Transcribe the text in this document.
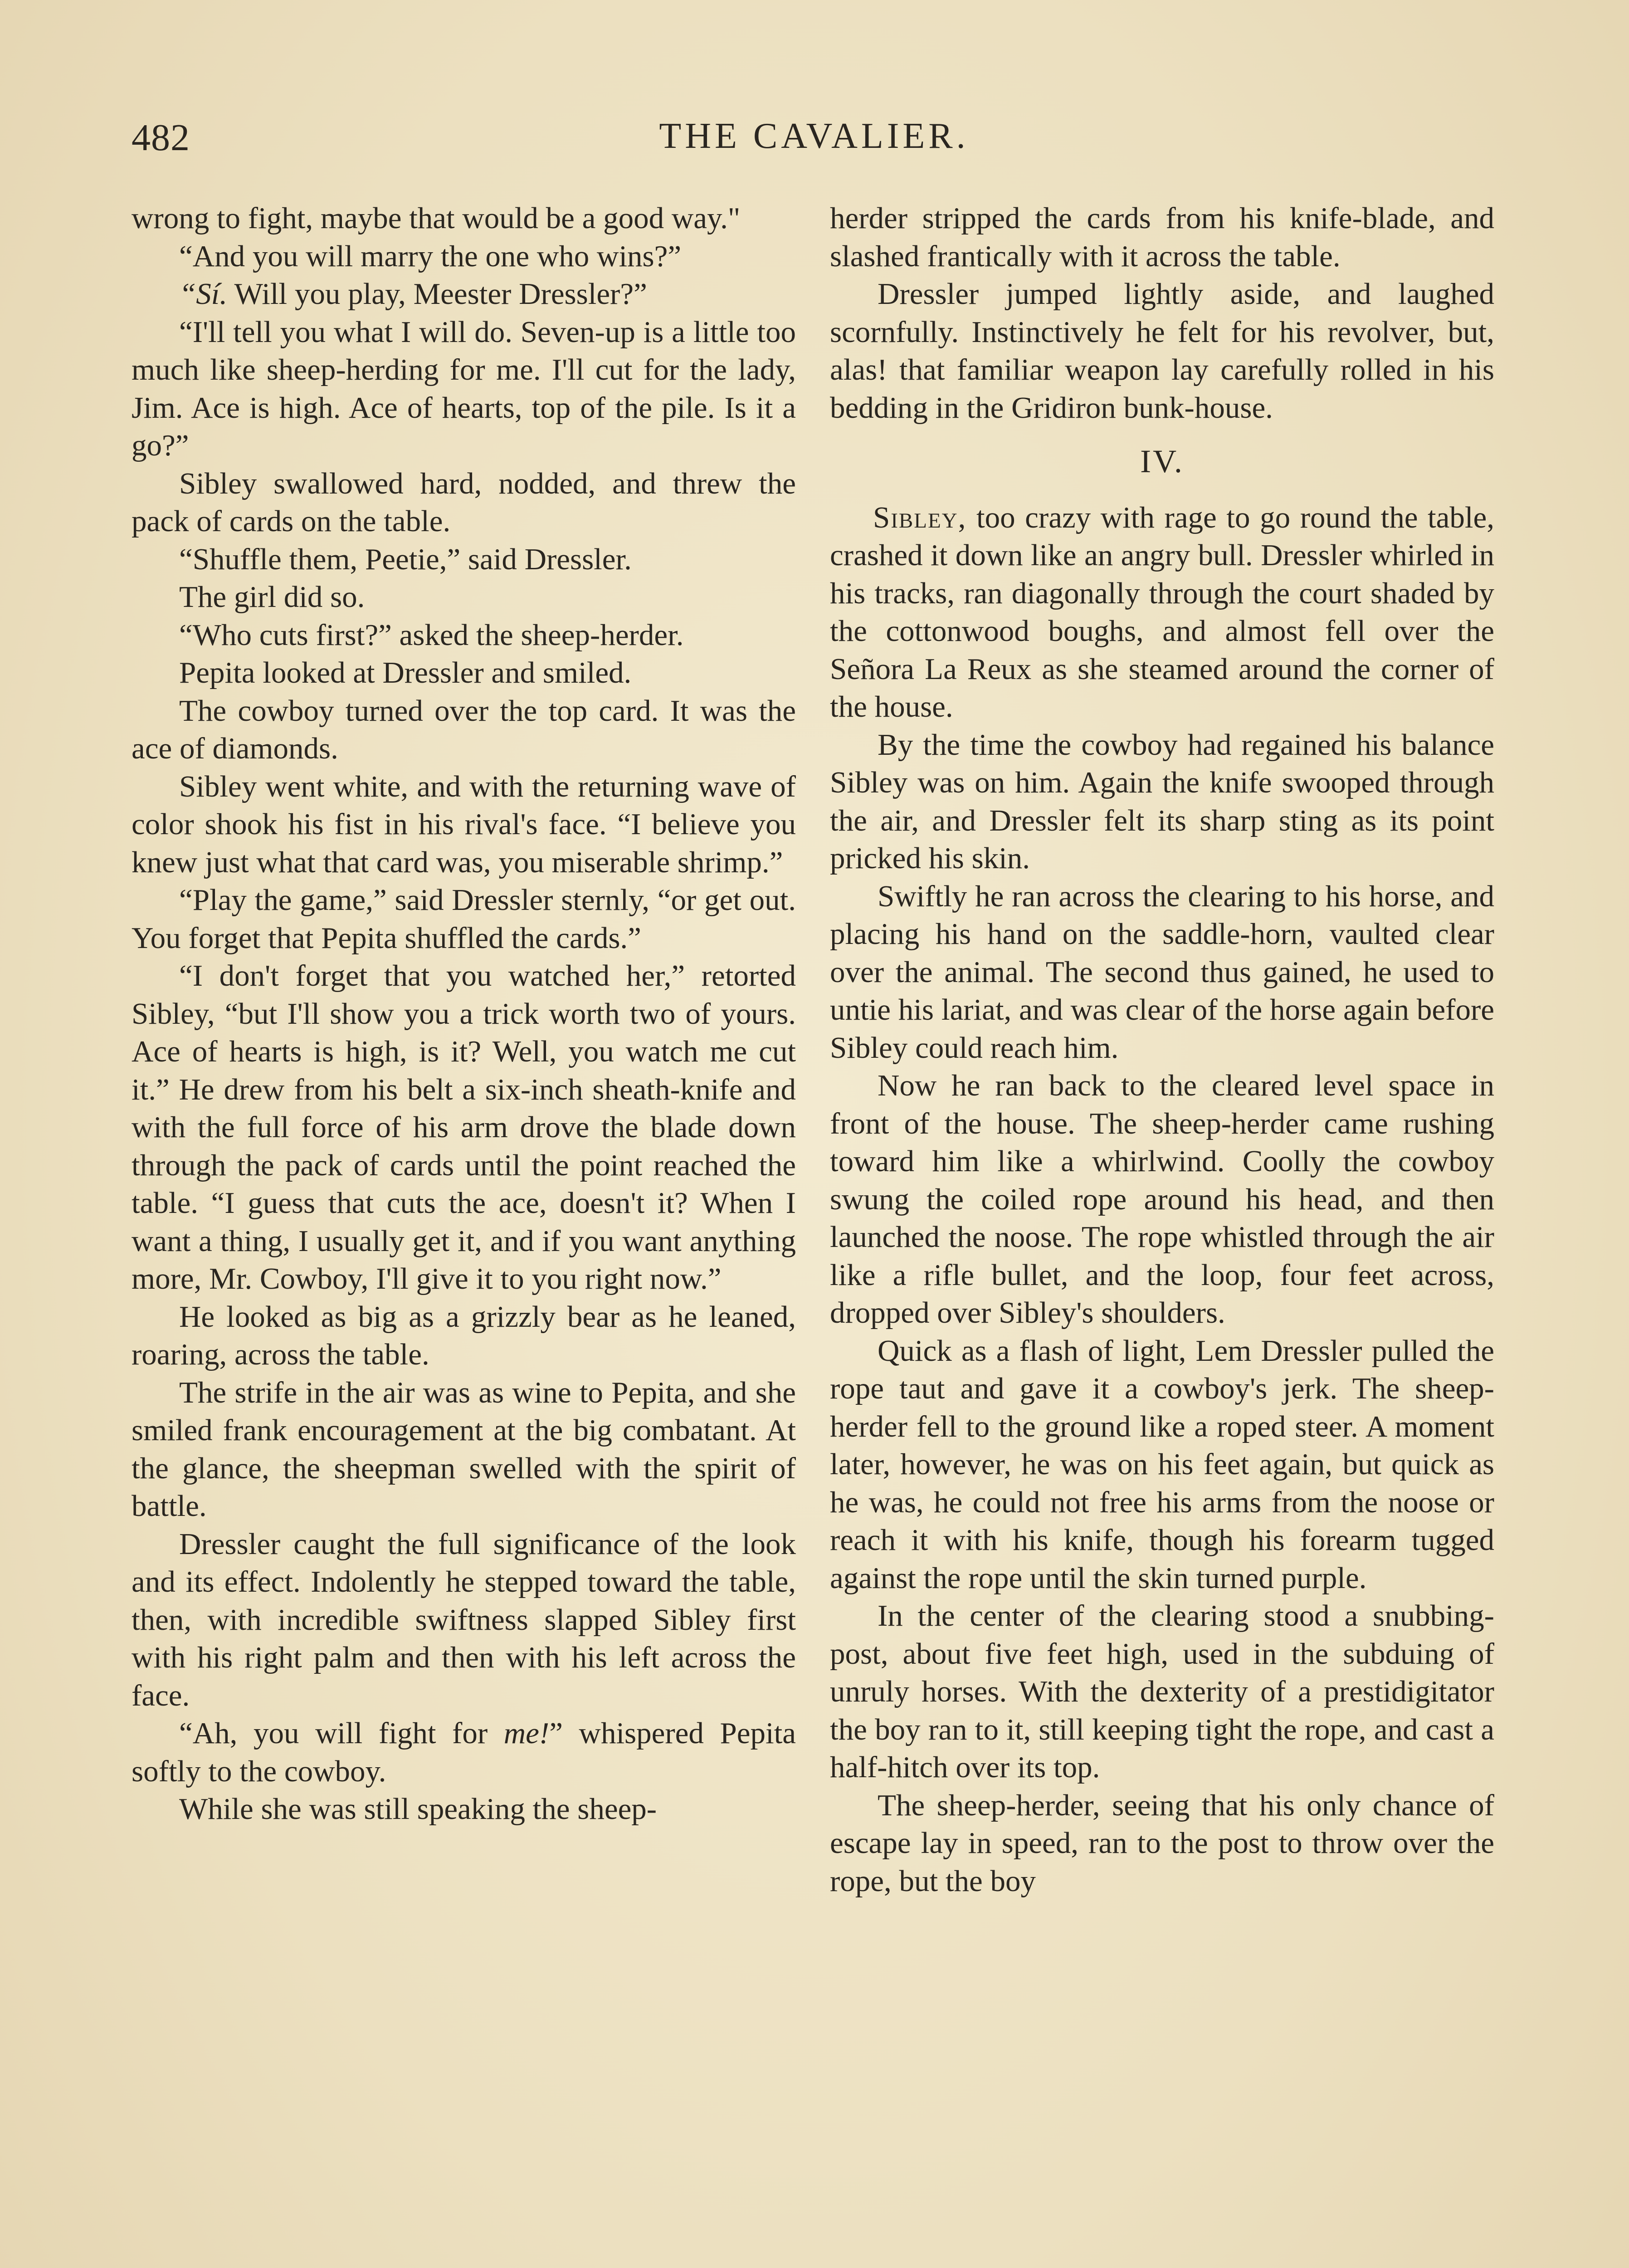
482	THE CAVALIER.

wrong to fight, maybe that would be a good way."

“And you will marry the one who wins?”

“Sí. Will you play, Meester Dressler?”

“I'll tell you what I will do. Seven-up is a little too much like sheep-herding for me. I'll cut for the lady, Jim. Ace is high. Ace of hearts, top of the pile. Is it a go?”

Sibley swallowed hard, nodded, and threw the pack of cards on the table.

“Shuffle them, Peetie,” said Dressler.

The girl did so.

“Who cuts first?” asked the sheep-herder.

Pepita looked at Dressler and smiled.

The cowboy turned over the top card. It was the ace of diamonds.

Sibley went white, and with the returning wave of color shook his fist in his rival's face. “I believe you knew just what that card was, you miserable shrimp.”

“Play the game,” said Dressler sternly, “or get out. You forget that Pepita shuffled the cards.”

“I don't forget that you watched her,” retorted Sibley, “but I'll show you a trick worth two of yours. Ace of hearts is high, is it? Well, you watch me cut it.” He drew from his belt a six-inch sheath-knife and with the full force of his arm drove the blade down through the pack of cards until the point reached the table. “I guess that cuts the ace, doesn't it? When I want a thing, I usually get it, and if you want anything more, Mr. Cowboy, I'll give it to you right now.”

He looked as big as a grizzly bear as he leaned, roaring, across the table.

The strife in the air was as wine to Pepita, and she smiled frank encouragement at the big combatant. At the glance, the sheepman swelled with the spirit of battle.

Dressler caught the full significance of the look and its effect. Indolently he stepped toward the table, then, with incredible swiftness slapped Sibley first with his right palm and then with his left across the face.

“Ah, you will fight for me!” whispered Pepita softly to the cowboy.

While she was still speaking the sheep-

herder stripped the cards from his knife-blade, and slashed frantically with it across the table.

Dressler jumped lightly aside, and laughed scornfully. Instinctively he felt for his revolver, but, alas! that familiar weapon lay carefully rolled in his bedding in the Gridiron bunk-house.

IV.

Sibley, too crazy with rage to go round the table, crashed it down like an angry bull. Dressler whirled in his tracks, ran diagonally through the court shaded by the cottonwood boughs, and almost fell over the Señora La Reux as she steamed around the corner of the house.

By the time the cowboy had regained his balance Sibley was on him. Again the knife swooped through the air, and Dressler felt its sharp sting as its point pricked his skin.

Swiftly he ran across the clearing to his horse, and placing his hand on the saddle-horn, vaulted clear over the animal. The second thus gained, he used to untie his lariat, and was clear of the horse again before Sibley could reach him.

Now he ran back to the cleared level space in front of the house. The sheep-herder came rushing toward him like a whirlwind. Coolly the cowboy swung the coiled rope around his head, and then launched the noose. The rope whistled through the air like a rifle bullet, and the loop, four feet across, dropped over Sibley's shoulders.

Quick as a flash of light, Lem Dressler pulled the rope taut and gave it a cowboy's jerk. The sheep-herder fell to the ground like a roped steer. A moment later, however, he was on his feet again, but quick as he was, he could not free his arms from the noose or reach it with his knife, though his forearm tugged against the rope until the skin turned purple.

In the center of the clearing stood a snubbing-post, about five feet high, used in the subduing of unruly horses. With the dexterity of a prestidigitator the boy ran to it, still keeping tight the rope, and cast a half-hitch over its top.

The sheep-herder, seeing that his only chance of escape lay in speed, ran to the post to throw over the rope, but the boy
